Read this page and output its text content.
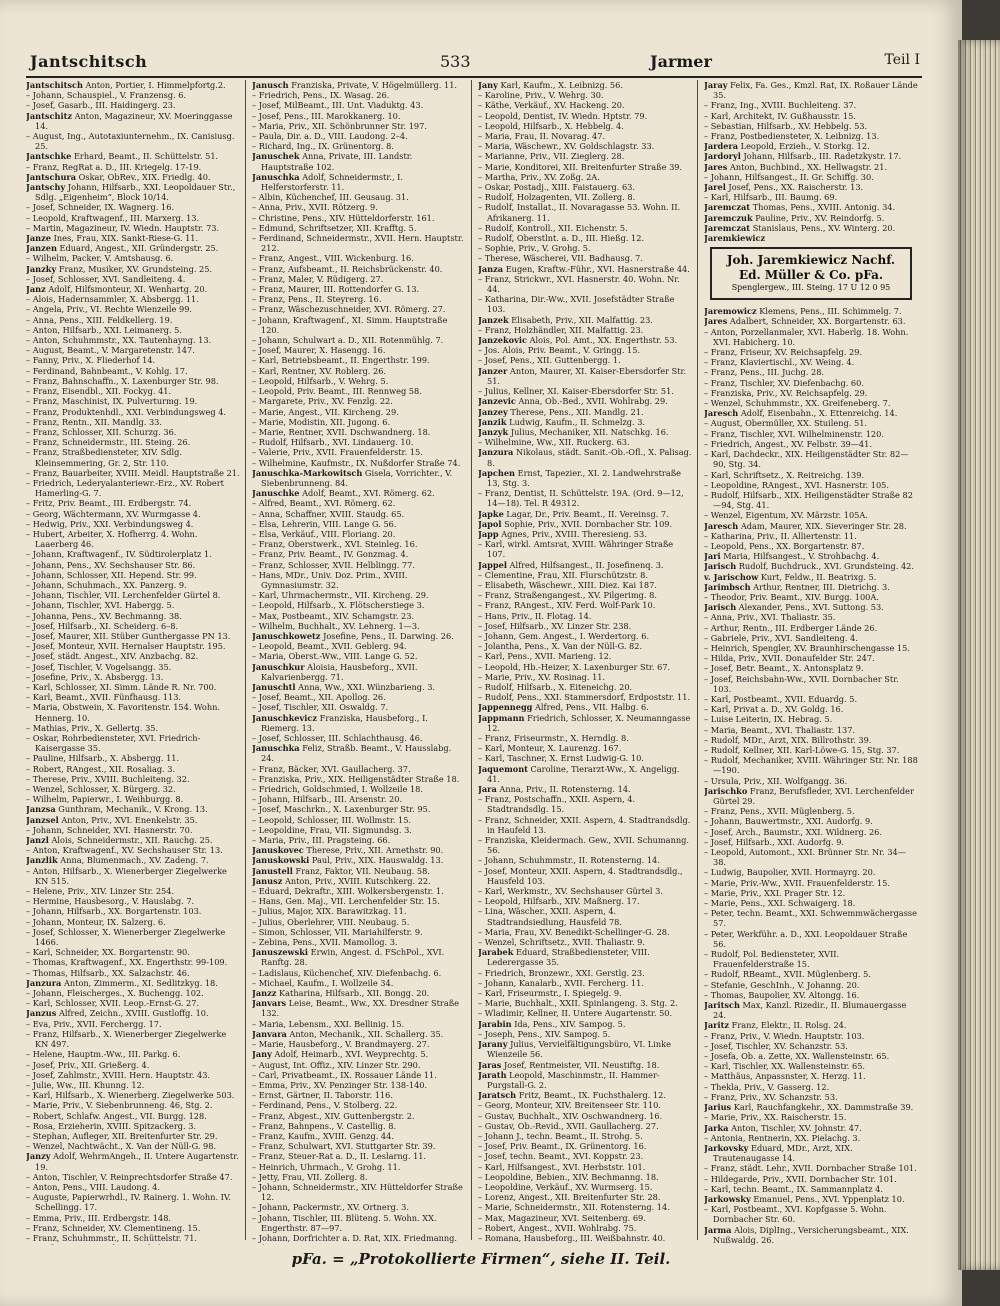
Jantschitsch	533	Jarmer	Teil I

Jantschitsch Anton, Portier, I. Himmelpfortg.2.

– Johann, Schauspiel., V. Franzensg. 6.

– Josef, Gasarb., III. Haidingerg. 23.

Jantschitz Anton, Magazineur, XV. Moeringgasse 14.

– August, Ing., Autotaxiunternehm., IX. Canisiusg. 25.

Jantschke Erhard, Beamt., II. Schüttelstr. 51.

– Franz, RegRat a. D., III. Kriegelg. 17-19.

Jantschura Oskar, ObRev., XIX. Friedlg. 40.

Jantschy Johann, Hilfsarb., XXI. Leopoldauer Str., Sdlg. „Eigenheim“, Block 10/14.

– Josef, Schneider, IX. Wagnerg. 16.

– Leopold, Kraftwagenf., III. Marxerg. 13.

– Martin, Magazineur, IV. Wiedn. Hauptstr. 73.

Janze Ines, Frau, XIX. Sankt-Riese-G. 11.

Janzen Eduard, Angest., XII. Gründergstr. 25.

– Wilhelm, Packer, V. Amtshausg. 6.

Janzky Franz, Musiker, XV. Grundsteing. 25.

– Josef, Schlosser, XVI. Sandleiteng. 4.

Janz Adolf, Hilfsmonteur, XI. Wenhartg. 20.

– Alois, Hadernsammler, X. Absbergg. 11.

– Angela, Priv., VI. Rechte Wienzeile 99.

– Anna, Pens., XIII. Feldkellerg. 19.

– Anton, Hilfsarb., XXI. Leimanerg. 5.

– Anton, Schuhmmstr., XX. Tautenhayng. 13.

– August, Beamt., V. Margaretenstr. 147.

– Fanny, Priv., X. Fliederhof 14.

– Ferdinand, Bahnbeamt., V. Kohlg. 17.

– Franz, Bahnschaffn., X. Laxenburger Str. 98.

– Franz, Eisendbl., XII. Fockyg. 41.

– Franz, Maschinist, IX. Pulverturmg. 19.

– Franz, Produktenhdl., XXI. Verbindungsweg 4.

– Franz, Rentn., XII. Mandlg. 33.

– Franz, Schlosser, XII. Schurzg. 36.

– Franz, Schneidermstr., III. Steing. 26.

– Franz, Straßbediensteter, XIV. Sdlg. Kleinsemmering, Gr. 2, Str. 110.

– Franz, Bauarbeiter, XVIII. Meidl. Hauptstraße 21.

– Friedrich, Lederyalanteriewr.-Erz., XV. Robert Hamerling-G. 7.

– Fritz, Priv. Beamt., III. Erdbergstr. 74.

– Georg, Wächtermann, XV. Wurmgasse 4.

– Hedwig, Priv., XXI. Verbindungsweg 4.

– Hubert, Arbeiter, X. Hofherrg. 4. Wohn. Laaerberg 46.

– Johann, Kraftwagenf., IV. Südtirolerplatz 1.

– Johann, Pens., XV. Sechshauser Str. 86.

– Johann, Schlosser, XII. Hepend. Str. 99.

– Johann, Schuhmach., XX. Panzerg. 9.

– Johann, Tischler, VII. Lerchenfelder Gürtel 8.

– Johann, Tischler, XVI. Habergg. 5.

– Johanna, Pens., XV. Bechmanng. 38.

– Josef, Hilfsarb., XI. Scheiderg. 6–8.

– Josef, Maurer, XII. Stüber Gunthergasse PN 13.

– Josef, Monteur, XVII. Hernalser Hauptstr. 195.

– Josef, städt. Angest., XIV. Anzbachg. 82.

– Josef, Tischler, V. Vogelsangg. 35.

– Josefine, Priv., X. Absbergg. 13.

– Karl, Schlosser, XI. Simm. Lände R. Nr. 700.

– Karl, Beamt., XVII. Fünfhausg. 113.

– Maria, Obstwein, X. Favoritenstr. 154. Wohn. Hennerg. 10.

– Mathias, Priv., X. Gellertg. 35.

– Oskar, Rohrbediensteter, XVI. Friedrich-Kaisergasse 35.

– Pauline, Hilfsarb., X. Absbergg. 11.

– Robert, RAngest., XII. Rosaliag. 3.

– Therese, Priv., XVIII. Buchleiteng. 32.

– Wenzel, Schlosser, X. Bürgerg. 32.

– Wilhelm, Papierwr., I. Weihburgg. 8.

Janzsa Gunthram, Mechanik., V. Krong. 13.

Janzsel Anton, Priv., XVI. Enenkelstr. 35.

– Johann, Schneider, XVI. Hasnerstr. 70.

Janzl Alois, Schneidermstr., XII. Rauchg. 25.

– Anton, Kraftwagenf., XV. Sechshauser Str. 13.

Janzlik Anna, Blumenmach., XV. Zadeng. 7.

– Anton, Hilfsarb., X. Wienerberger Ziegelwerke KN 515.

– Helene, Priv., XIV. Linzer Str. 254.

– Hermine, Hausbesorg., V. Hauslabg. 7.

– Johann, Hilfsarb., XX. Borgartenstr. 103.

– Johann, Monteur, IX. Salzerg. 6.

– Josef, Schlosser, X. Wienerberger Ziegelwerke 1466.

– Karl, Schneider, XX. Borgartenstr. 90.

– Thomas, Kraftwagenf., XX. Engerthstr. 99-109.

– Thomas, Hilfsarb., XX. Salzachstr. 46.

Janzura Anton, Zimmerm., XI. Sedlitzkyg. 18.

– Johann, Fleischerges., X. Buchengg. 102.

– Karl, Schlosser, XVII. Leop.-Ernst-G. 27.

Janzus Alfred, Zeichn., XVIII. Gustloffg. 10.

– Eva, Priv., XVII. Ferchergg. 17.

– Franz, Hilfsarb., X. Wienerberger Ziegelwerke KN 497.

– Helene, Hauptm.-Ww., III. Parkg. 6.

– Josef, Priv., XII. Grießerg. 4.

– Josef, Zahlmstr., XVIII. Hern. Hauptstr. 43.

– Julie, Ww., III. Khunng. 12.

– Karl, Hilfsarb., X. Wienerberg. Ziegelwerke 503.

– Marie, Priv., V. Siebenbrunneng. 46, Stg. 2.

– Robert, Schlafw. Angest., VII. Burgg. 128.

– Rosa, Erzieherin, XVIII. Spitzackerg. 3.

– Stephan, Aufleger, XII. Breitenfurter Str. 29.

– Wenzel, Nachtwächt., X. Van der Nüll-G. 98.

Janzy Adolf, WehrmAngeh., II. Untere Augartenstr. 19.

– Anton, Tischler, V. Reinprechtsdorfer Straße 47.

– Anton, Pens., VIII. Laudong. 4.

– Auguste, Papierwrhdl., IV. Rainerg. 1. Wohn. IV. Schellingg. 17.

– Emma, Priv., III. Erdbergstr. 148.

– Franz, Schneider, XV. Clementineng. 15.

– Franz, Schuhmmstr., II. Schüttelstr. 71.

Janusch Franziska, Private, V. Högelmüllerg. 11.

– Friedrich, Pens., IX. Wasag. 26.

– Josef, MilBeamt., III. Unt. Viaduktg. 43.

– Josef, Pens., III. Marokkanerg. 10.

– Maria, Priv., XII. Schönbrunner Str. 197.

– Paula, Dir. a. D., VIII. Laudong. 2–4.

– Richard, Ing., IX. Grünentorg. 8.

Januschek Anna, Private, III. Landstr. Hauptstraße 102.

Januschka Adolf, Schneidermstr., I. Helferstorferstr. 11.

– Albin, Küchenchef, III. Geusaug. 31.

– Anna, Priv., XVII. Rötzerg. 9.

– Christine, Pens., XIV. Hütteldorferstr. 161.

– Edmund, Schriftsetzer, XII. Krafftg. 5.

– Ferdinand, Schneidermstr., XVII. Hern. Hauptstr. 212.

– Franz, Angest., VIII. Wickenburg. 16.

– Franz, Aufsbeamt., II. Reichsbrückenstr. 40.

– Franz, Maler, V. Rüdigerg. 27.

– Franz, Maurer, III. Rottendorfer G. 13.

– Franz, Pens., II. Steyrerg. 16.

– Franz, Wäschezuschneider, XVI. Römerg. 27.

– Johann, Kraftwagenf., XI. Simm. Hauptstraße 120.

– Johann, Schulwart a. D., XII. Rotenmühlg. 7.

– Josef, Maurer, X. Hasengg. 16.

– Karl, Betriebsbeamt., II. Engerthstr. 199.

– Karl, Rentner, XV. Roblerg. 26.

– Leopold, Hilfsarb., V. Wehrg. 5.

– Leopold, Priv. Beamt., III. Rennweg 58.

– Margarete, Priv., XV. Fenzlg. 22.

– Marie, Angest., VII. Kircheng. 29.

– Marie, Modistin, XII. Jugong. 6.

– Marie, Rentner, XVII. Dschwandnerg. 18.

– Rudolf, Hilfsarb., XVI. Lindauerg. 10.

– Valerie, Priv., XVII. Frauenfelderstr. 15.

– Wilhelmine, Kaufmstr., IX. Nußdorfer Straße 74.

Januschka-Markowitsch Gisela, Vorrichter., V. Siebenbrunneng. 84.

Januschke Adolf, Beamt., XVI. Römerg. 62.

– Alfred, Beamt., XVI. Römerg. 62.

– Anna, Schaffner, XVIII. Staudg. 65.

– Elsa, Lehrerin, VIII. Lange G. 56.

– Elsa, Verkäuf., VIII. Floriang. 20.

– Franz, Oberstwerk., XVI. Steinleg. 16.

– Franz, Priv. Beamt., IV. Gonzmag. 4.

– Franz, Schlosser, XVII. Helblingg. 77.

– Hans, MDr., Univ. Doz. Prim., XVIII. Gymnasiumstr. 32.

– Karl, Uhrmachermstr., VII. Kircheng. 29.

– Leopold, Hilfsarb., X. Flötscherstiege 3.

– Max, Postbeamt., XIV. Schamgstr. 23.

– Wilhelm, Buchhalt., XV. Lehnerg. 1—3.

Januschkowetz Josefine, Pens., II. Darwing. 26.

– Leopold, Beamt., XVII. Geblerg. 94.

– Maria, Oberst.-Ww., VIII. Lange G. 52.

Januschkur Aloisia, Hausbeforg., XVII. Kalvarienbergg. 71.

Januschtl Anna, Ww., XXI. Wünzbarieng. 3.

– Josef, Beamt., XII. Apollog. 26.

– Josef, Tischler, XII. Oswaldg. 7.

Januschkevicz Franziska, Hausbeforg., I. Riemerg. 13.

– Josef, Schlosser, III. Schlachthausg. 46.

Januschka Feliz, Straßb. Beamt., V. Hausslabg. 24.

– Franz, Bäcker, XVI. Gaullacherg. 37.

– Franziska, Priv., XIX. Heiligenstädter Straße 18.

– Friedrich, Goldschmied, I. Wollzeile 18.

– Johann, Hilfsarb., III. Arsenstr. 20.

– Josef, Maschrkn., X. Laxenburger Str. 95.

– Leopold, Schlosser, III. Wollmstr. 15.

– Leopoldine, Frau, VII. Sigmundsg. 3.

– Maria, Priv., III. Pragsteing. 66.

Januskovec Therese, Priv., XII. Arnethstr. 90.

Januskowski Paul, Priv., XIX. Hauswaldg. 13.

Janustell Franz, Faktor, VII. Neubaug. 58.

Janusz Anton, Priv., XVIII. Kutschkerg. 22.

– Eduard, Dekraftr., XIII. Wolkersbergenstr. 1.

– Hans, Gen. Maj., VII. Lerchenfelder Str. 15.

– Julius, Major, XIX. Barawitzkag. 11.

– Julius, Oberlehrer, VIII. Neubaug. 5.

– Simon, Schlosser, VII. Mariahilferstr. 9.

– Zebina, Pens., XVII. Mamollog. 3.

Januszewski Erwin, Angest. d. FSchPol., XVI. Ranftg. 28.

– Ladislaus, Küchenchef, XIV. Diefenbachg. 6.

– Michael, Kaufm., I. Wollzeile 34.

Janzz Katharina, Hilfsarb., XII. Bongg. 20.

Janvars Leise, Beamt., Ww., XX. Dresdner Straße 132.

– Maria, Lebensm., XXI. Bellinig. 15.

Janvara Anton, Mechanik., XII. Schallerg. 35.

– Marie, Hausbeforg., V. Brandmayerg. 27.

Jany Adolf, Heimarb., XVI. Weyprechtg. 5.

– August, Int. Offiz., XIV. Linzer Str. 290.

– Carl, Privatbeamt., IX. Rossauer Lände 11.

– Emma, Priv., XV. Penzinger Str. 138-140.

– Ernst, Gärtner, II. Taborstr. 116.

– Ferdinand, Pens., V. Stolberg. 22.

– Franz, Abgest., XIV. Guttenbergstr. 2.

– Franz, Bahnpens., V. Castellig. 8.

– Franz, Kaufm., XVIII. Genzg. 44.

– Franz, Schulwart, XVI. Stuttgarter Str. 39.

– Franz, Steuer-Rat a. D., II. Leslarng. 11.

– Heinrich, Uhrmach., V. Grohg. 11.

– Jetty, Frau, VII. Zollerg. 8.

– Johann, Schneidermstr., XIV. Hütteldorfer Straße 12.

– Johann, Packermstr., XV. Ortnerg. 3.

– Johann, Tischler, III. Blüteng. 5. Wohn. XX. Engerthstr. 87—97.

– Johann, Dorfrichter a. D. Rat, XIX. Friedmanng.

Jany Karl, Kaufm., X. Leibnizg. 56.

– Karoline, Priv., V. Wehrg. 30.

– Käthe, Verkäuf., XV. Hackeng. 20.

– Leopold, Dentist, IV. Wiedn. Hptstr. 79.

– Leopold, Hilfsarb., X. Hebbelg. 4.

– Maria, Frau, II. Novarag. 47.

– Maria, Wäschewr., XV. Goldschlagstr. 33.

– Marianne, Priv., VII. Zieglerg. 28.

– Marie, Konditorei, XII. Breitenfurter Straße 39.

– Martha, Priv., XV. Zoßg. 2A.

– Oskar, Postadj., XIII. Faistauerg. 63.

– Rudolf, Holzagenten, VII. Zollerg. 8.

– Rudolf, Installat., II. Novaragasse 53. Wohn. II. Afrikanerg. 11.

– Rudolf, Kontroll., XII. Eichenstr. 5.

– Rudolf, Oberstlnt. a. D., III. Hießg. 12.

– Sophie, Priv., V. Grohg. 5.

– Therese, Wäscherei, VII. Badhausg. 7.

Janza Eugen, Kraftw.-Führ., XVI. Hasnerstraße 44.

– Franz, Strickwr., XVI. Hasnerstr. 40. Wohn. Nr. 44.

– Katharina, Dir.-Ww., XVII. Josefstädter Straße 103.

Janzek Elisabeth, Priv., XII. Malfattig. 23.

– Franz, Holzhändler, XII. Malfattig. 23.

Janzekovic Alois, Pol. Amt., XX. Engerthstr. 53.

– Jos. Alois, Priv. Beamt., V. Gringg. 15.

– Josef, Pens., XII. Guttenbergg. 1.

Janzer Anton, Maurer, XI. Kaiser-Ebersdorfer Str. 51.

– Julius, Kellner, XI. Kaiser-Ebersdorfer Str. 51.

Janzevic Anna, Ob.-Bed., XVII. Wohlrabg. 29.

Janzey Therese, Pens., XII. Mandlg. 21.

Janzik Ludwig, Kaufm., II. Schmelzg. 3.

Janzyk Julius, Mechaniker, XII. Natschkg. 16.

– Wilhelmine, Ww., XII. Ruckerg. 63.

Janzura Nikolaus, städt. Sanit.-Ob.-Ofl., X. Palisag. 8.

Japchen Ernst, Tapezier., XI. 2. Landwehrstraße 13, Stg. 3.

– Franz, Dentist, II. Schüttelstr. 19A. (Ord. 9—12, 14—18). Tel. R 49312.

Japke Lagar, Dr., Priv. Beamt., II. Vereinsg. 7.

Japol Sophie, Priv., XVII. Dornbacher Str. 109.

Japp Agnes, Priv., XVIII. Theresieng. 53.

– Karl, wirkl. Amtsrat, XVIII. Währinger Straße 107.

Jappel Alfred, Hilfsangest., II. Josefinenq. 3.

– Clementine, Frau, XII. Flurschützstr. 8.

– Elisabeth, Wäschewr., XIII. Diez. Kai 187.

– Franz, Straßengangest., XV. Pilgerimg. 8.

– Franz, RAngest., XIV. Ferd. Wolf-Park 10.

– Hans, Priv., II. Flotag. 14.

– Josef, Hilfsarb., XV. Linzer Str. 238.

– Johann, Gem. Angest., I. Werdertorg. 6.

– Jolantha, Pens., X. Van der Nüll-G. 82.

– Karl, Pens., XVII. Marieng. 12.

– Leopold, Hb.-Heizer, X. Laxenburger Str. 67.

– Marie, Priv., XV. Rosinag. 11.

– Rudolf, Hilfsarb., X. Eiteneichg. 20.

– Rudolf, Pens., XXI. Stammersdorf, Erdpoststr. 11.

Jappennegg Alfred, Pens., VII. Halbg. 6.

Jappmann Friedrich, Schlosser, X. Neumanngasse 12.

– Franz, Friseurmstr., X. Herndlg. 8.

– Karl, Monteur, X. Laurenzg. 167.

– Karl, Taschner, X. Ernst Ludwig-G. 10.

Jaquemont Caroline, Tierarzt-Ww., X. Angeligg. 41.

Jara Anna, Priv., II. Rotensterng. 14.

– Franz, Postschaffn., XXII. Aspern, 4. Stadtrandsdlg. 15.

– Franz, Schneider, XXII. Aspern, 4. Stadtrandsdlg. in Haufeld 13.

– Franziska, Kleidermach. Gew., XVII. Schumanng. 56.

– Johann, Schuhmmstr., II. Rotensterng. 14.

– Josef, Monteur, XXII. Aspern, 4. Stadtrandsdlg., Hausfeld 103.

– Karl, Werkmstr., XV. Sechshauser Gürtel 3.

– Leopold, Hilfsarb., XIV. Maßnerg. 17.

– Lina, Wäscher., XXII. Aspern, 4. Stadtrandsiedlung, Hausfeld 78.

– Maria, Frau, XV. Benedikt-Schellinger-G. 28.

– Wenzel, Schriftsetz., XVII. Thaliastr. 9.

Jarabek Eduard, Straßbediensteter, VIII. Lederergasse 35.

– Friedrich, Bronzewr., XXI. Gerstlg. 23.

– Johann, Kanalarb., XVII. Fercherg. 11.

– Karl, Friseurmstr., I. Spiegelg. 9.

– Marie, Buchhalt., XXII. Spinlangeng. 3. Stg. 2.

– Wladimir, Kellner, II. Untere Augartenstr. 50.

Jarabin Ida, Pens., XIV. Sampog. 5.

– Joseph, Pens., XIV. Sampog. 5.

Jarany Julius, Vervielfältigungsbüro, VI. Linke Wienzeile 56.

Jaras Josef, Rentmeister, VII. Neustiftg. 18.

Jarath Leopold, Maschinmstr., II. Hammer-Purgstall-G. 2.

Jaratsch Fritz, Beamt., IX. Fuchsthalerg. 12.

– Georg, Monteur, XIV. Breitenseer Str. 110.

– Gustav, Buchhalt., XIV. Oschwandnerg. 16.

– Gustav, Ob.-Revid., XVII. Gaullacherg. 27.

– Johann J., techn. Beamt., II. Strohg. 5.

– Josef, Priv. Beamt., IX. Grünentorg. 16.

– Josef, techn. Beamt., XVI. Koppstr. 23.

– Karl, Hilfsangest., XVI. Herbststr. 101.

– Leopoldine, Bebien., XIV. Bechmanng. 18.

– Leopoldine, Verkäuf., XV. Wurmserg. 15.

– Lorenz, Angest., XII. Breitenfurter Str. 28.

– Marie, Schneidermstr., XII. Rotensterng. 14.

– Max, Magazineur, XVI. Seitenberg. 69.

– Robert, Angest., XVII. Wohlrabg. 75.

– Romana, Hausbeforg., III. Weißbahnstr. 40.

Jaray Felix, Fa. Ges., Kmzl. Rat, IX. Roßauer Lände 35.

– Franz, Ing., XVIII. Buchleiteng. 37.

– Karl, Architekt, IV. Gußhausstr. 15.

– Sebastian, Hilfsarb., XV. Hebbelg. 53.

– Franz, Postbediensteter, X. Leibnizg. 13.

Jardera Leopold, Erzieh., V. Storkg. 12.

Jardoryl Johann, Hilfsarb., III. Radetzkystr. 17.

Jares Anton, Buchbind., XX. Hellwagstr. 21.

– Johann, Hilfsangest., II. Gr. Schiffg. 30.

Jarel Josef, Pens., XX. Raischerstr. 13.

– Karl, Hilfsarb., III. Baumg. 69.

Jaremczat Thomas, Pens., XVIII. Antonig. 34.

Jaremczuk Pauline, Priv., XV. Reindorfg. 5.

Jaremczat Stanislaus, Pens., XV. Winterg. 20.

Jaremkiewicz

Joh. Jaremkiewicz Nachf.
Ed. Müller & Co. pFa.
Spenglergew., III. Steing. 17 U 12 0 95

Jaremowicz Klemens, Pens., III. Schimmelg. 7.

Jares Adalbert, Schneider, XX. Borgartenstr. 63.

– Anton, Porzellanmaler, XVI. Haberlg. 18. Wohn. XVI. Habicherg. 10.

– Franz, Friseur, XV. Reichsapfelg. 29.

– Franz, Klaviertischl., XV. Weing. 4.

– Franz, Pens., III. Juchg. 28.

– Franz, Tischler, XV. Diefenbachg. 60.

– Franziska, Priv., XV. Reichsapfelg. 29.

– Wenzel, Schuhmmstr., XX. Greifeneberg. 7.

Jaresch Adolf, Eisenbahn., X. Ettenreichg. 14.

– August, Obermüller, XX. Stuileng. 51.

– Franz, Tischler, XVI. Wilhelminenstr. 120.

– Friedrich, Angest., XV. Felbstr. 39—41.

– Karl, Dachdeckr., XIX. Heiligenstädter Str. 82—90, Stg. 34.

– Karl, Schriftsetz., X. Reitreichg. 139.

– Leopoldine, RAngest., XVI. Hasnerstr. 105.

– Rudolf, Hilfsarb., XIX. Heiligenstädter Straße 82—94, Stg. 41.

– Wenzel, Eigentum, XV. Märzstr. 105A.

Jaresch Adam, Maurer, XIX. Sieveringer Str. 28.

– Katharina, Priv., II. Alliertenstr. 11.

– Leopold, Pens., XX. Borgartenstr. 87.

Jari Maria, Hilfsangest., V. Strohbachg. 4.

Jarisch Rudolf, Buchdruck., XVI. Grundsteing. 42.

v. Jarischow Kurt, Feldw., II. Beatrixg. 5.

Jarimbsch Arthur, Rentner, III. Dietrichg. 3.

– Theodor, Priv. Beamt., XIV. Burgg. 100A.

Jarisch Alexander, Pens., XVI. Suttong. 53.

– Anna, Priv., XVI. Thaliastr. 35.

– Arthur, Rentn., III. Erdberger Lände 26.

– Gabriele, Priv., XVI. Sandleiteng. 4.

– Heinrich, Spengler, XV. Braunhirschengasse 15.

– Hilda, Priv., XVII. Donaufelder Str. 247.

– Josef, Betr. Beamt., X. Antonsplatz 9.

– Josef, Reichsbahn-Ww., XVII. Dornbacher Str. 103.

– Karl, Postbeamt., XVII. Eduardg. 5.

– Karl, Privat a. D., XV. Goldg. 16.

– Luise Leiterin, IX. Hebrag. 5.

– Maria, Beamt., XVI. Thaliastr. 137.

– Rudolf, MDr., Arzt, XIX. Billrothstr. 39.

– Rudolf, Kellner, XII. Karl-Löwe-G. 15, Stg. 37.

– Rudolf, Mechaniker, XVIII. Währinger Str. Nr. 188—190.

– Ursula, Priv., XII. Wolfgangg. 36.

Jarischko Franz, Berufsfleder, XVI. Lerchenfelder Gürtel 29.

– Franz, Pens., XVII. Müglenberg. 5.

– Johann, Bauwertmstr., XXI. Audorfg. 9.

– Josef, Arch., Baumstr., XXI. Wildnerg. 26.

– Josef, Hilfsarb., XXI. Audorfg. 9.

– Leopold, Automont., XXI. Brünner Str. Nr. 34—38.

– Ludwig, Baupolier, XVII. Hormayrg. 20.

– Marie, Priv.-Ww., XVII. Frauenfelderstr. 15.

– Marie, Priv., XXI. Prager Str. 12.

– Marie, Pens., XXI. Schwaigerg. 18.

– Peter, techn. Beamt., XXI. Schwemmwächergasse 57.

– Peter, Werkführ. a. D., XXI. Leopoldauer Straße 56.

– Rudolf, Pol. Bediensteter, XVII. Frauenfelderstraße 15.

– Rudolf, RBeamt., XVII. Müglenberg. 5.

– Stefanie, GeschInh., V. Johanng. 20.

– Thomas, Baupolier, XV. Altongg. 16.

Jaritsch Max, Kanzl. Rizedir., II. Blumauergasse 24.

Jaritz Franz, Elektr., II. Rolsg. 24.

– Franz, Priv., V. Wiedn. Hauptstr. 103.

– Josef, Tischler, XV. Schanzstr. 53.

– Josefa, Ob. a. Zette, XX. Wallensteinstr. 65.

– Karl, Tischler, XX. Wallensteinstr. 65.

– Matthäus, Anpassnster, X. Herzg. 11.

– Thekla, Priv., V. Gasserg. 12.

– Franz, Priv., XV. Schanzstr. 53.

Jarius Karl, Rauchfangkehr., XX. Dammstraße 39.

– Marie, Priv., XX. Raischerstr. 15.

Jarka Anton, Tischler, XV. Johnstr. 47.

– Antonia, Rentnerin, XX. Pielachg. 3.

Jarkovsky Eduard, MDr., Arzt, XIX. Trautenaugasse 14.

– Franz, städt. Lehr., XVII. Dornbacher Straße 101.

– Hildegarde, Priv., XVII. Dornbacher Str. 101.

– Karl, techn. Beamt., IX. Sammannplatz 4.

Jarkowsky Emanuel, Pens., XVI. Yppenplatz 10.

– Karl, Postbeamt., XVI. Kopfgasse 5. Wohn. Dornbacher Str. 60.

Jarma Alois, DiplIng., Versicherungsbeamt., XIX. Nußwaldg. 26.

pFa. = „Protokollierte Firmen“, siehe II. Teil.
